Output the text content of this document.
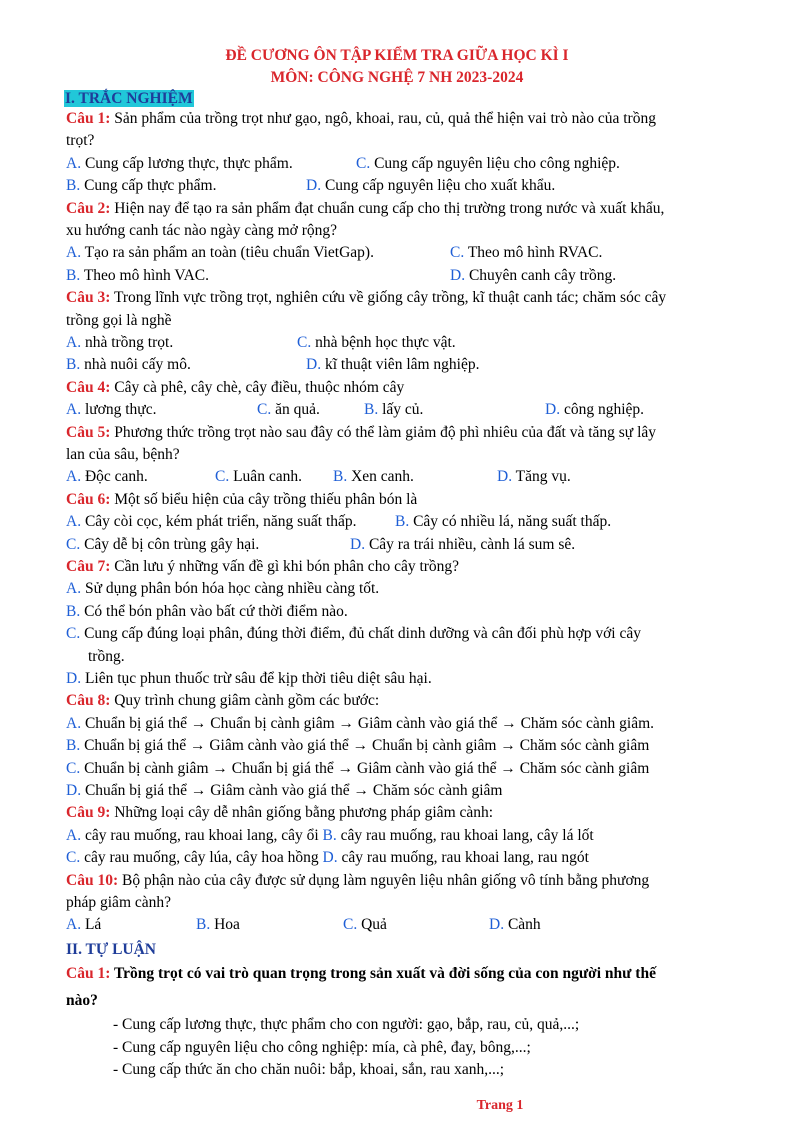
ĐỀ CƯƠNG ÔN TẬP KIỂM TRA GIỮA HỌC KÌ I
MÔN: CÔNG NGHỆ 7 NH 2023-2024
I. TRẮC NGHIỆM
Câu 1: Sản phẩm của trồng trọt như gạo, ngô, khoai, rau, củ, quả thể hiện vai trò nào của trồng
trọt?
A. Cung cấp lương thực, thực phẩm.	C. Cung cấp nguyên liệu cho công nghiệp.
B. Cung cấp thực phẩm.	D. Cung cấp nguyên liệu cho xuất khẩu.
Câu 2: Hiện nay để tạo ra sản phẩm đạt chuẩn cung cấp cho thị trường trong nước và xuất khẩu,
xu hướng canh tác nào ngày càng mở rộng?
A. Tạo ra sản phẩm an toàn (tiêu chuẩn VietGap).	C. Theo mô hình RVAC.
B. Theo mô hình VAC.	D. Chuyên canh cây trồng.
Câu 3: Trong lĩnh vực trồng trọt, nghiên cứu về giống cây trồng, kĩ thuật canh tác; chăm sóc cây
trồng gọi là nghề
A. nhà trồng trọt.	C. nhà bệnh học thực vật.
B. nhà nuôi cấy mô.	D. kĩ thuật viên lâm nghiệp.
Câu 4: Cây cà phê, cây chè, cây điều, thuộc nhóm cây
A. lương thực.	C. ăn quả.	B. lấy củ.	D. công nghiệp.
Câu 5: Phương thức trồng trọt nào sau đây có thể làm giảm độ phì nhiêu của đất và tăng sự lây
lan của sâu, bệnh?
A. Độc canh.	C. Luân canh. B. Xen canh.	D. Tăng vụ.
Câu 6: Một số biểu hiện của cây trồng thiếu phân bón là
A. Cây còi cọc, kém phát triển, năng suất thấp. B. Cây có nhiều lá, năng suất thấp.
C. Cây dễ bị côn trùng gây hại.	D. Cây ra trái nhiều, cành lá sum sê.
Câu 7: Cần lưu ý những vấn đề gì khi bón phân cho cây trồng?
A. Sử dụng phân bón hóa học càng nhiều càng tốt.
B. Có thể bón phân vào bất cứ thời điểm nào.
C. Cung cấp đúng loại phân, đúng thời điểm, đủ chất dinh dưỡng và cân đối phù hợp với cây
trồng.
D. Liên tục phun thuốc trừ sâu để kịp thời tiêu diệt sâu hại.
Câu 8: Quy trình chung giâm cành gồm các bước:
A. Chuẩn bị giá thể → Chuẩn bị cành giâm → Giâm cành vào giá thể → Chăm sóc cành giâm.
B. Chuẩn bị giá thể → Giâm cành vào giá thể → Chuẩn bị cành giâm → Chăm sóc cành giâm
C. Chuẩn bị cành giâm → Chuẩn bị giá thể → Giâm cành vào giá thể → Chăm sóc cành giâm
D. Chuẩn bị giá thể → Giâm cành vào giá thể → Chăm sóc cành giâm
Câu 9: Những loại cây dễ nhân giống bằng phương pháp giâm cành:
A. cây rau muống, rau khoai lang, cây ổi B. cây rau muống, rau khoai lang, cây lá lốt
C. cây rau muống, cây lúa, cây hoa hồng D. cây rau muống, rau khoai lang, rau ngót
Câu 10: Bộ phận nào của cây được sử dụng làm nguyên liệu nhân giống vô tính bằng phương
pháp giâm cành?
A. Lá	B. Hoa	C. Quả	D. Cành
II. TỰ LUẬN
Câu 1: Trồng trọt có vai trò quan trọng trong sản xuất và đời sống của con người như thế
nào?
- Cung cấp lương thực, thực phẩm cho con người: gạo, bắp, rau, củ, quả,...;
- Cung cấp nguyên liệu cho công nghiệp: mía, cà phê, đay, bông,...;
- Cung cấp thức ăn cho chăn nuôi: bắp, khoai, sắn, rau xanh,...;
Trang 1
